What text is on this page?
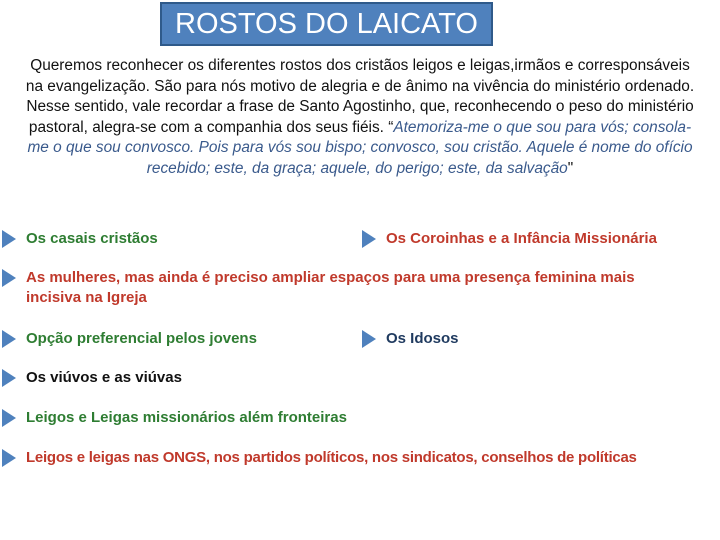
ROSTOS DO LAICATO
Queremos reconhecer os diferentes rostos dos cristãos leigos e leigas,irmãos e corresponsáveis na evangelização. São para nós motivo de alegria e de ânimo na vivência do ministério ordenado. Nesse sentido, vale recordar a frase de Santo Agostinho, que, reconhecendo o peso do ministério pastoral, alegra-se com a companhia dos seus fiéis. “Atemoriza-me o que sou para vós; consola-me o que sou convosco. Pois para vós sou bispo; convosco, sou cristão. Aquele é nome do ofício recebido; este, da graça; aquele, do perigo; este, da salvação"
Os casais cristãos	Os Coroinhas e a Infância Missionária
As mulheres, mas ainda é preciso ampliar espaços para uma presença feminina mais incisiva na Igreja
Opção preferencial pelos jovens	Os Idosos
Os viúvos e as viúvas
Leigos e Leigas missionários além fronteiras
Leigos e leigas nas ONGS, nos partidos políticos, nos sindicatos, conselhos de políticas
